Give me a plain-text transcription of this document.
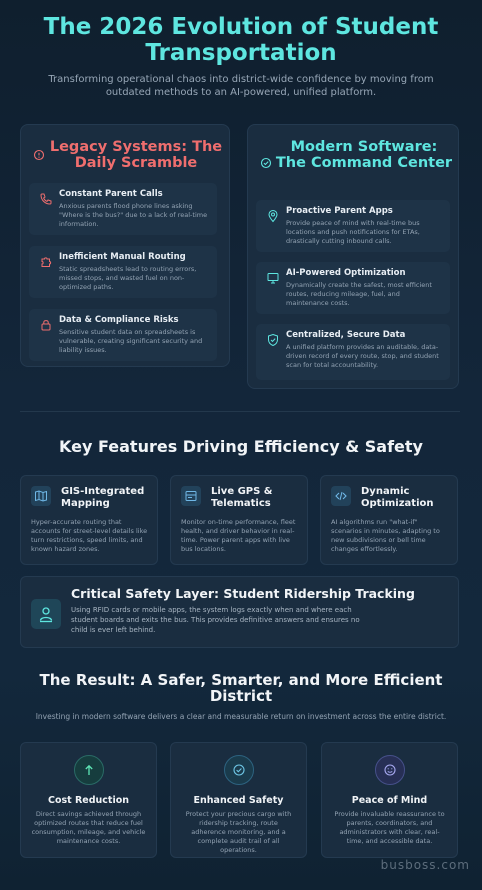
The 2026 Evolution of Student Transportation
Transforming operational chaos into district-wide confidence by moving from outdated methods to an AI-powered, unified platform.
Legacy Systems: The Daily Scramble
Constant Parent Calls
Anxious parents flood phone lines asking "Where is the bus?" due to a lack of real-time information.
Inefficient Manual Routing
Static spreadsheets lead to routing errors, missed stops, and wasted fuel on non-optimized paths.
Data & Compliance Risks
Sensitive student data on spreadsheets is vulnerable, creating significant security and liability issues.
Modern Software: The Command Center
Proactive Parent Apps
Provide peace of mind with real-time bus locations and push notifications for ETAs, drastically cutting inbound calls.
AI-Powered Optimization
Dynamically create the safest, most efficient routes, reducing mileage, fuel, and maintenance costs.
Centralized, Secure Data
A unified platform provides an auditable, data-driven record of every route, stop, and student scan for total accountability.
Key Features Driving Efficiency & Safety
GIS-Integrated Mapping
Hyper-accurate routing that accounts for street-level details like turn restrictions, speed limits, and known hazard zones.
Live GPS & Telematics
Monitor on-time performance, fleet health, and driver behavior in real-time. Power parent apps with live bus locations.
Dynamic Optimization
AI algorithms run "what-if" scenarios in minutes, adapting to new subdivisions or bell time changes effortlessly.
Critical Safety Layer: Student Ridership Tracking
Using RFID cards or mobile apps, the system logs exactly when and where each student boards and exits the bus. This provides definitive answers and ensures no child is ever left behind.
The Result: A Safer, Smarter, and More Efficient District
Investing in modern software delivers a clear and measurable return on investment across the entire district.
Cost Reduction
Direct savings achieved through optimized routes that reduce fuel consumption, mileage, and vehicle maintenance costs.
Enhanced Safety
Protect your precious cargo with ridership tracking, route adherence monitoring, and a complete audit trail of all operations.
Peace of Mind
Provide invaluable reassurance to parents, coordinators, and administrators with clear, real-time, and accessible data.
busboss.com
